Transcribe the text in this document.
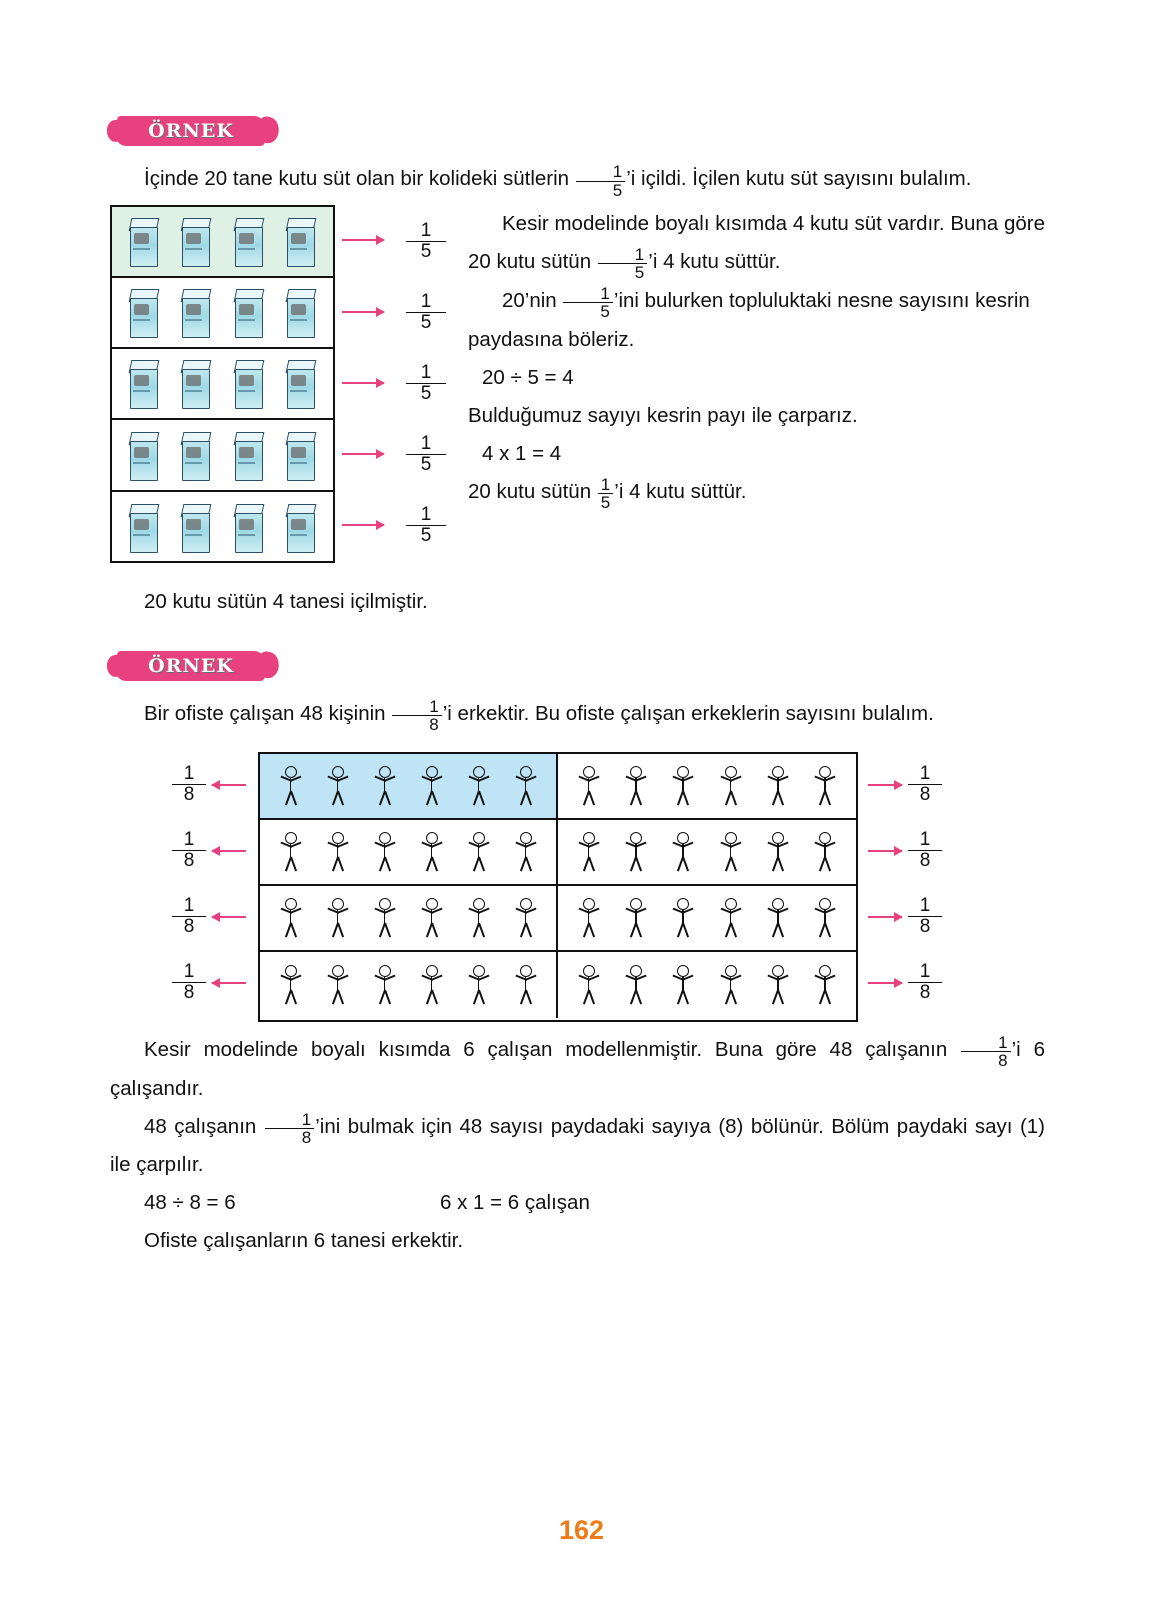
ÖRNEK

İçinde 20 tane kutu süt olan bir kolideki sütlerin $\frac{1}{5}$ ’i içildi. İçilen kutu süt sayısını bulalım.

$\frac{1}{5}$
$\frac{1}{5}$
$\frac{1}{5}$
$\frac{1}{5}$
$\frac{1}{5}$

Kesir modelinde boyalı kısımda 4 kutu süt vardır. Buna göre 20 kutu sütün $\frac{1}{5}$ ’i 4 kutu süttür.

20’nin $\frac{1}{5}$ ’ini bulurken topluluktaki nesne sayısını kesrin paydasına böleriz.

20 ÷ 5 = 4

Bulduğumuz sayıyı kesrin payı ile çarparız.

4 x 1 = 4

20 kutu sütün $\frac{1}{5}$ ’i 4 kutu süttür.

20 kutu sütün 4 tanesi içilmiştir.

ÖRNEK

Bir ofiste çalışan 48 kişinin $\frac{1}{8}$ ’i erkektir. Bu ofiste çalışan erkeklerin sayısını bulalım.

$\frac{1}{8}$
$\frac{1}{8}$
$\frac{1}{8}$
$\frac{1}{8}$
$\frac{1}{8}$
$\frac{1}{8}$
$\frac{1}{8}$
$\frac{1}{8}$

Kesir modelinde boyalı kısımda 6 çalışan modellenmiştir. Buna göre 48 çalışanın $\frac{1}{8}$ ’i 6 çalışandır.

48 çalışanın $\frac{1}{8}$ ’ini bulmak için 48 sayısı paydadaki sayıya (8) bölünür. Bölüm paydaki sayı (1) ile çarpılır.

48 ÷ 8 = 6	6 x 1 = 6 çalışan

Ofiste çalışanların 6 tanesi erkektir.

162
